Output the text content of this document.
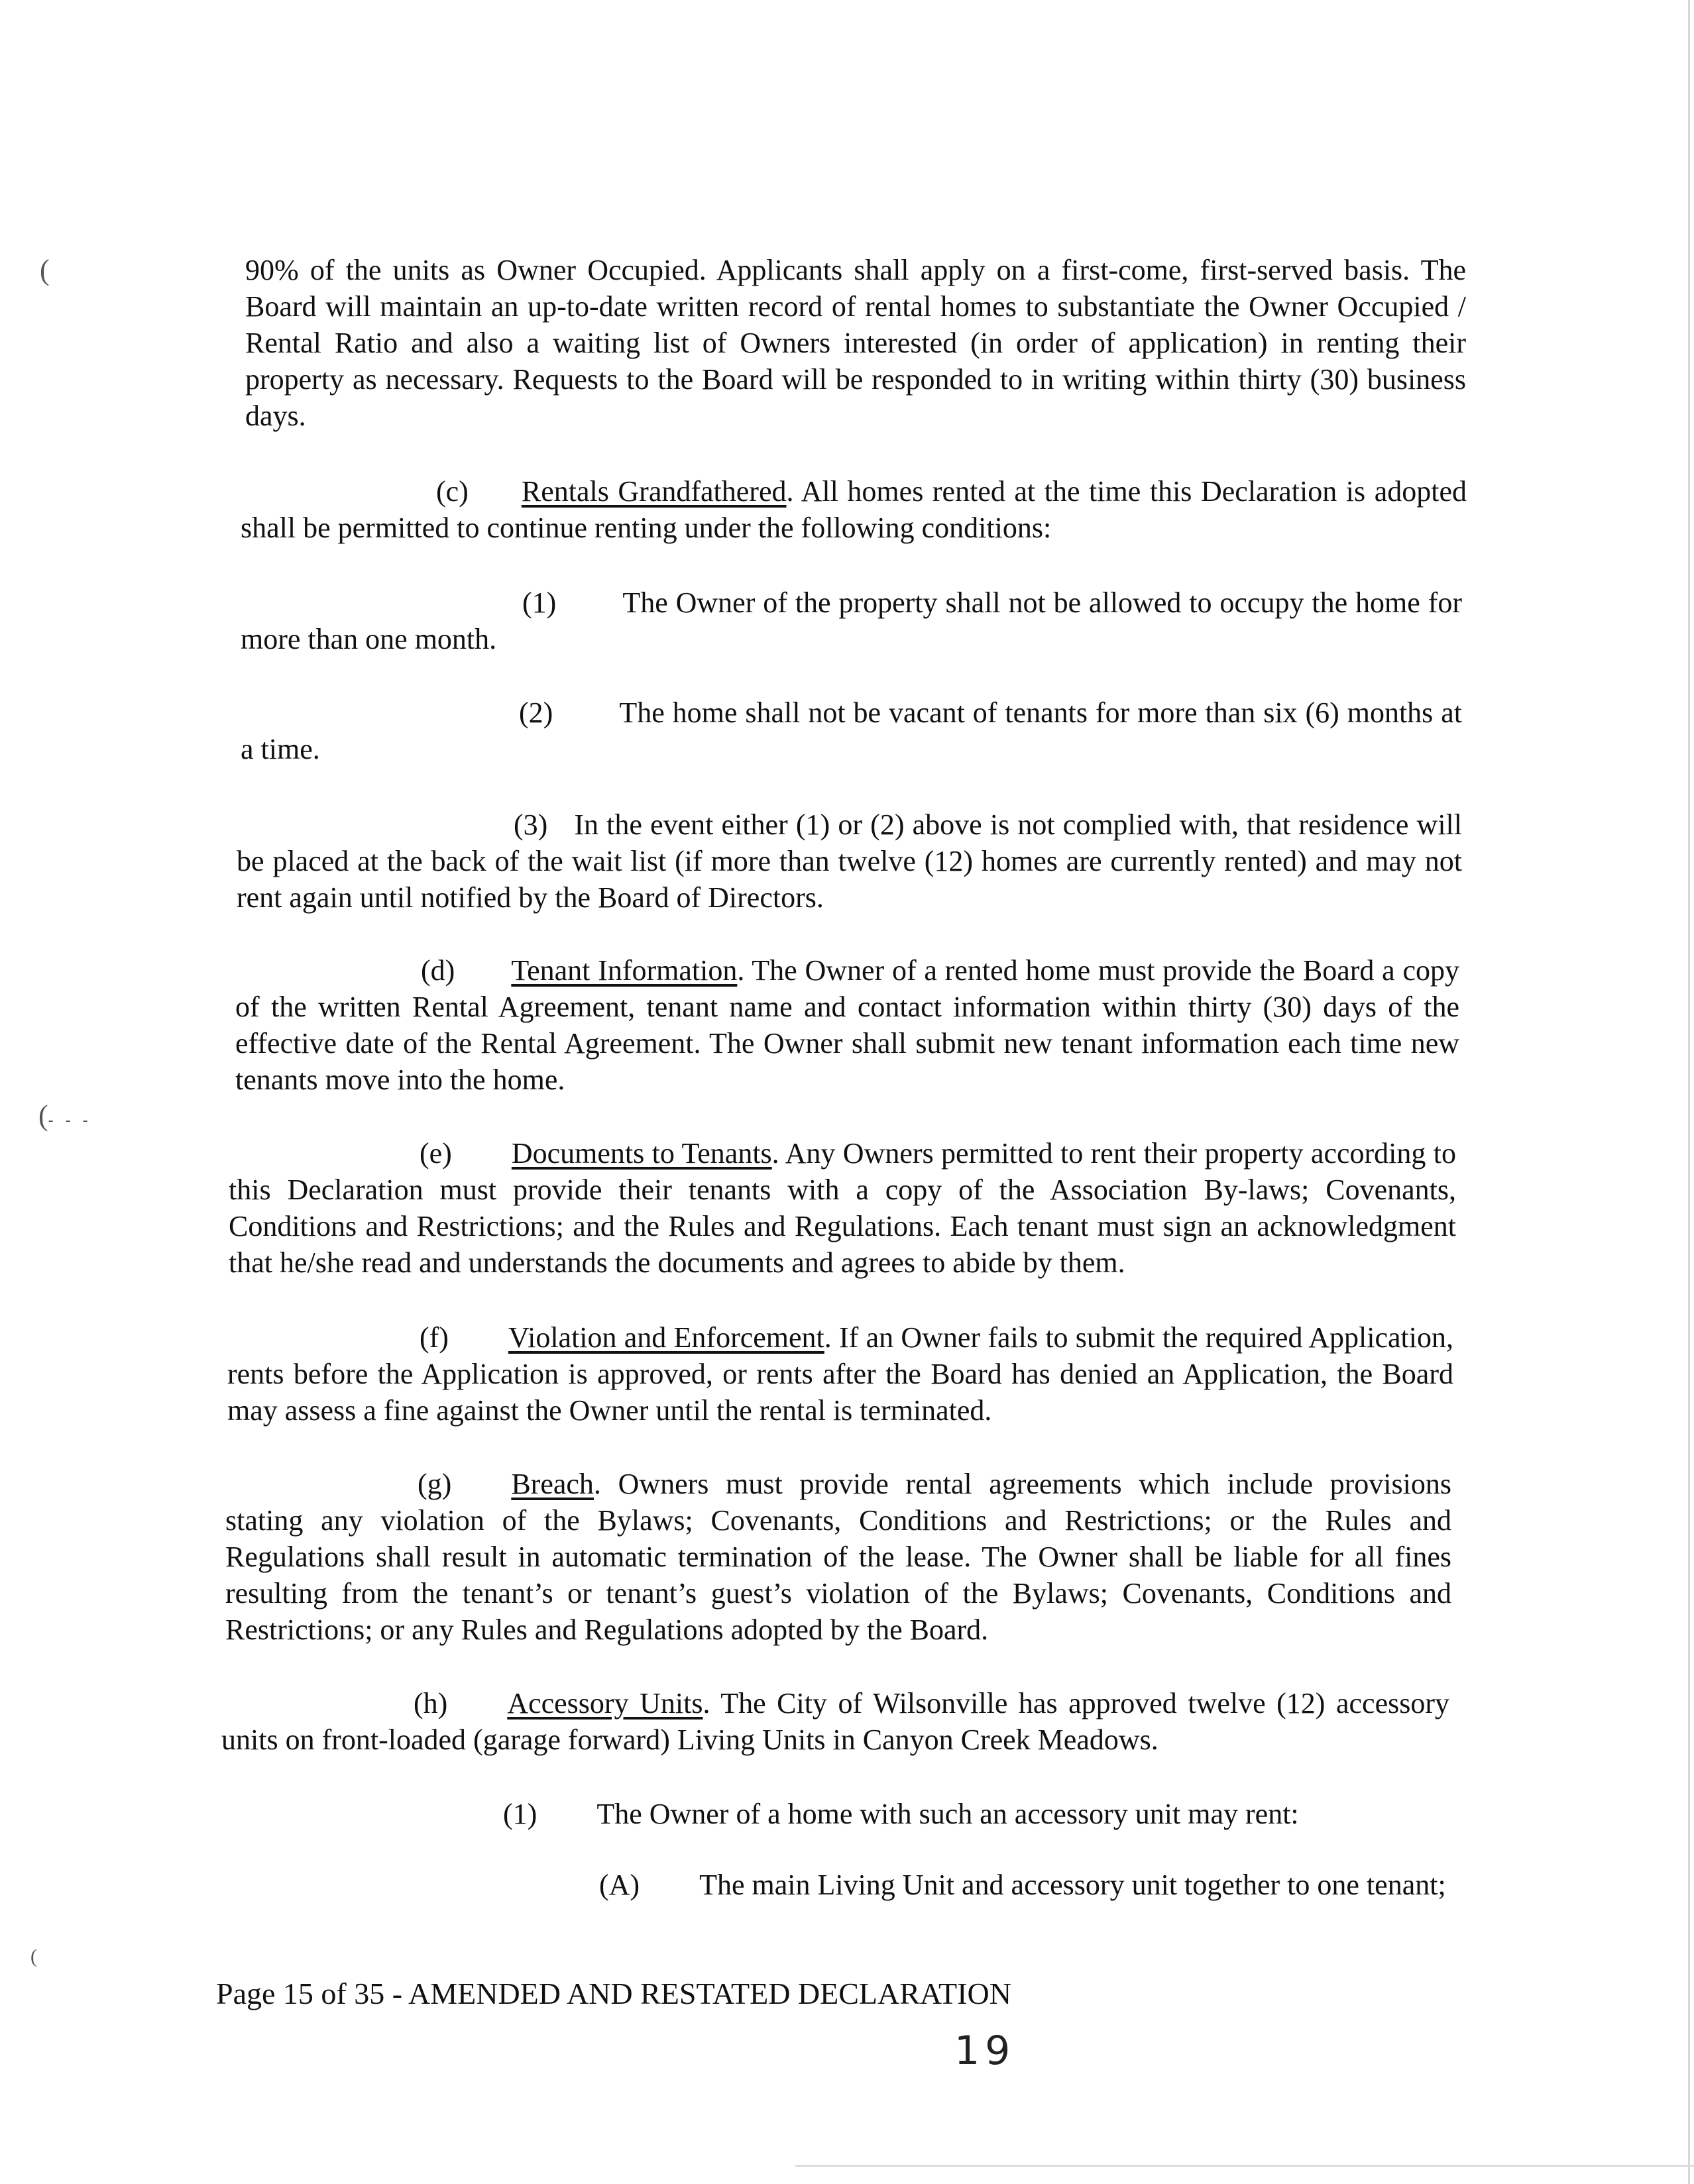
(
(- - -
(

90% of the units as Owner Occupied. Applicants shall apply on a first-come, first-served basis. The Board will maintain an up-to-date written record of rental homes to substantiate the Owner Occupied / Rental Ratio and also a waiting list of Owners interested (in order of application) in renting their property as necessary. Requests to the Board will be responded to in writing within thirty (30) business days.

(c) Rentals Grandfathered. All homes rented at the time this Declaration is adopted shall be permitted to continue renting under the following conditions:

(1) The Owner of the property shall not be allowed to occupy the home for more than one month.

(2) The home shall not be vacant of tenants for more than six (6) months at a time.

(3) In the event either (1) or (2) above is not complied with, that residence will be placed at the back of the wait list (if more than twelve (12) homes are currently rented) and may not rent again until notified by the Board of Directors.

(d) Tenant Information. The Owner of a rented home must provide the Board a copy of the written Rental Agreement, tenant name and contact information within thirty (30) days of the effective date of the Rental Agreement. The Owner shall submit new tenant information each time new tenants move into the home.

(e) Documents to Tenants. Any Owners permitted to rent their property according to this Declaration must provide their tenants with a copy of the Association By-laws; Covenants, Conditions and Restrictions; and the Rules and Regulations. Each tenant must sign an acknowledgment that he/she read and understands the documents and agrees to abide by them.

(f) Violation and Enforcement. If an Owner fails to submit the required Application, rents before the Application is approved, or rents after the Board has denied an Application, the Board may assess a fine against the Owner until the rental is terminated.

(g) Breach. Owners must provide rental agreements which include provisions stating any violation of the Bylaws; Covenants, Conditions and Restrictions; or the Rules and Regulations shall result in automatic termination of the lease. The Owner shall be liable for all fines resulting from the tenant’s or tenant’s guest’s violation of the Bylaws; Covenants, Conditions and Restrictions; or any Rules and Regulations adopted by the Board.

(h) Accessory Units. The City of Wilsonville has approved twelve (12) accessory units on front-loaded (garage forward) Living Units in Canyon Creek Meadows.

(1) The Owner of a home with such an accessory unit may rent:

(A) The main Living Unit and accessory unit together to one tenant;

Page 15 of 35 - AMENDED AND RESTATED DECLARATION
19
